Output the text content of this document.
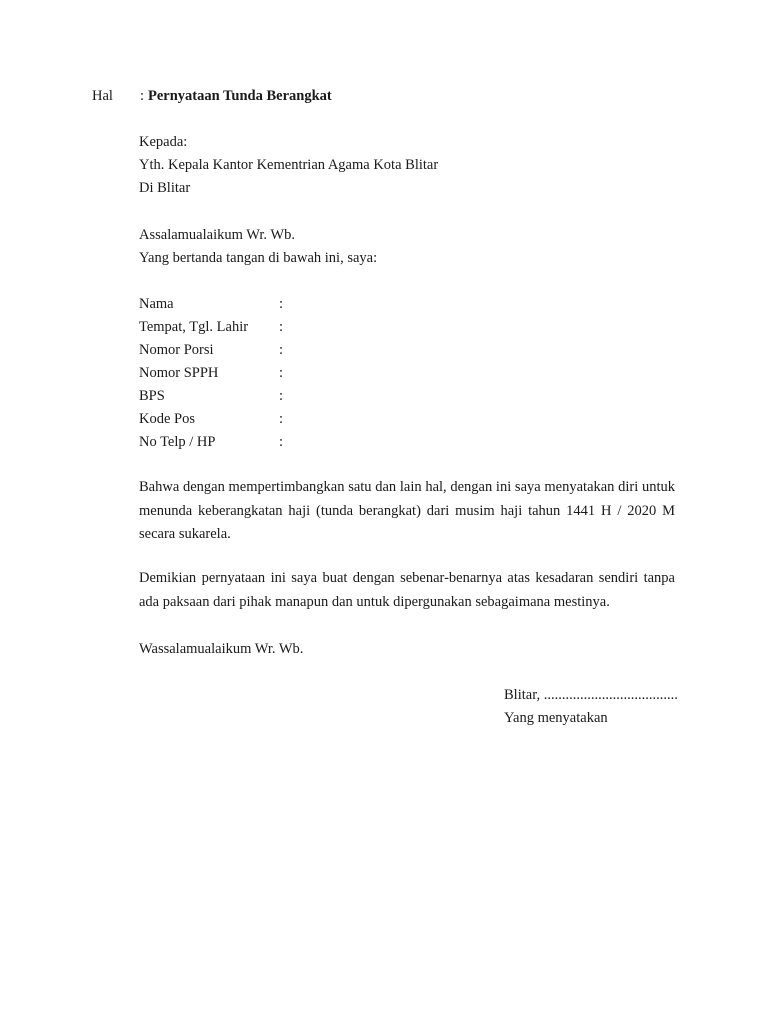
Hal : Pernyataan Tunda Berangkat
Kepada:
Yth. Kepala Kantor Kementrian Agama Kota Blitar
Di Blitar
Assalamualaikum Wr. Wb.
Yang bertanda tangan di bawah ini, saya:
Nama	:
Tempat, Tgl. Lahir :
Nomor Porsi	:
Nomor SPPH	:
BPS	:
Kode Pos	:
No Telp / HP	:

Bahwa dengan mempertimbangkan satu dan lain hal, dengan ini saya menyatakan diri untuk menunda keberangkatan haji (tunda berangkat) dari musim haji tahun 1441 H / 2020 M secara sukarela.

Demikian pernyataan ini saya buat dengan sebenar-benarnya atas kesadaran sendiri tanpa ada paksaan dari pihak manapun dan untuk dipergunakan sebagaimana mestinya.

Wassalamualaikum Wr. Wb.
Blitar, .....................................
Yang menyatakan
